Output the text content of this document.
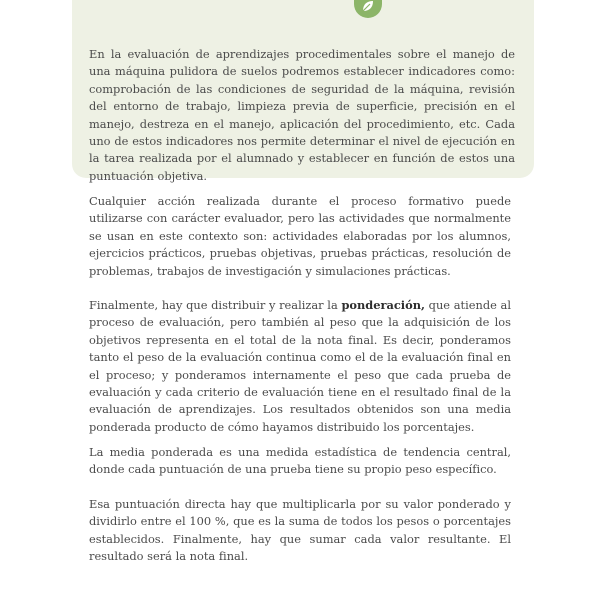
En la evaluación de aprendizajes procedimentales sobre el manejo de una máquina pulidora de suelos podremos establecer indicadores como: comprobación de las condiciones de seguridad de la máquina, revisión del entorno de trabajo, limpieza previa de superficie, precisión en el manejo, destreza en el manejo, aplicación del procedimiento, etc. Cada uno de estos indicadores nos permite determinar el nivel de ejecución en la tarea realizada por el alumnado y establecer en función de estos una puntuación objetiva.

Cualquier acción realizada durante el proceso formativo puede utilizarse con carácter evaluador, pero las actividades que normalmente se usan en este contexto son: actividades elaboradas por los alumnos, ejercicios prácticos, pruebas objetivas, pruebas prácticas, resolución de problemas, trabajos de investigación y simulaciones prácticas.

Finalmente, hay que distribuir y realizar la ponderación, que atiende al proceso de evaluación, pero también al peso que la adquisición de los objetivos representa en el total de la nota final. Es decir, ponderamos tanto el peso de la evaluación continua como el de la evaluación final en el proceso; y ponderamos internamente el peso que cada prueba de evaluación y cada criterio de evaluación tiene en el resultado final de la evaluación de aprendizajes. Los resultados obtenidos son una media ponderada producto de cómo hayamos distribuido los porcentajes.

La media ponderada es una medida estadística de tendencia central, donde cada puntuación de una prueba tiene su propio peso específico.

Esa puntuación directa hay que multiplicarla por su valor ponderado y dividirlo entre el 100 %, que es la suma de todos los pesos o porcentajes establecidos. Finalmente, hay que sumar cada valor resultante. El resultado será la nota final.
